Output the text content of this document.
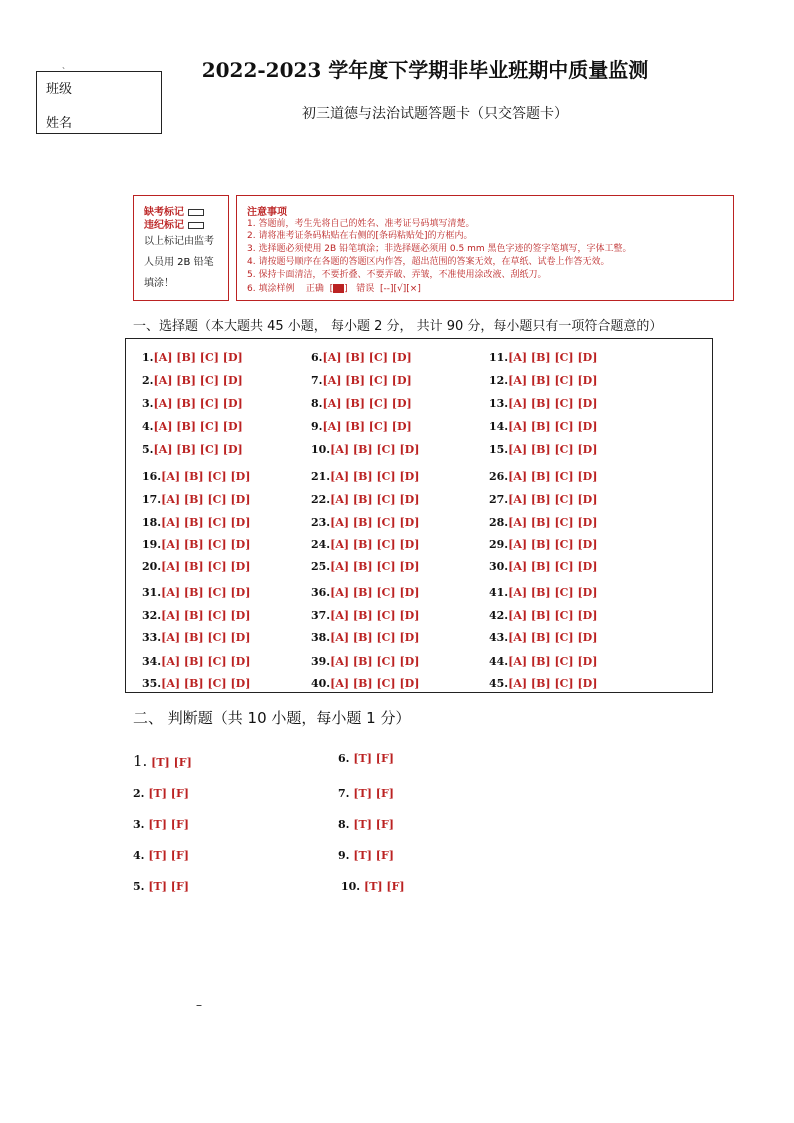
、
班级
姓名
2022-2023 学年度下学期非毕业班期中质量监测
初三道德与法治试题答题卡（只交答题卡）
缺考标记
违纪标记
以上标记由监考
人员用 2B 铅笔
填涂！
注意事项
1. 答题前，考生先将自己的姓名、准考证号码填写清楚。
2. 请将准考证条码粘贴在右侧的[条码粘贴处]的方框内。
3. 选择题必须使用 2B 铅笔填涂；非选择题必须用 0.5 mm 黑色字迹的签字笔填写，字体工整。
4. 请按题号顺序在各题的答题区内作答，超出范围的答案无效，在草纸、试卷上作答无效。
5. 保持卡面清洁，不要折叠、不要弄破、弄皱，不准使用涂改液、刮纸刀。
6. 填涂样例 正确  [ ]   错误 [--][√][×]
一、选择题（本大题共 45 小题， 每小题 2 分， 共计 90 分，每小题只有一项符合题意的）
1.[A] [B] [C] [D]
2.[A] [B] [C] [D]
3.[A] [B] [C] [D]
4.[A] [B] [C] [D]
5.[A] [B] [C] [D]
6.[A] [B] [C] [D]
7.[A] [B] [C] [D]
8.[A] [B] [C] [D]
9.[A] [B] [C] [D]
10.[A] [B] [C] [D]
11.[A] [B] [C] [D]
12.[A] [B] [C] [D]
13.[A] [B] [C] [D]
14.[A] [B] [C] [D]
15.[A] [B] [C] [D]
16.[A] [B] [C] [D]
17.[A] [B] [C] [D]
18.[A] [B] [C] [D]
19.[A] [B] [C] [D]
20.[A] [B] [C] [D]
21.[A] [B] [C] [D]
22.[A] [B] [C] [D]
23.[A] [B] [C] [D]
24.[A] [B] [C] [D]
25.[A] [B] [C] [D]
26.[A] [B] [C] [D]
27.[A] [B] [C] [D]
28.[A] [B] [C] [D]
29.[A] [B] [C] [D]
30.[A] [B] [C] [D]
31.[A] [B] [C] [D]
32.[A] [B] [C] [D]
33.[A] [B] [C] [D]
34.[A] [B] [C] [D]
35.[A] [B] [C] [D]
36.[A] [B] [C] [D]
37.[A] [B] [C] [D]
38.[A] [B] [C] [D]
39.[A] [B] [C] [D]
40.[A] [B] [C] [D]
41.[A] [B] [C] [D]
42.[A] [B] [C] [D]
43.[A] [B] [C] [D]
44.[A] [B] [C] [D]
45.[A] [B] [C] [D]
二、 判断题（共 10 小题，每小题 1 分）
1. [T] [F]
2. [T] [F]
3. [T] [F]
4. [T] [F]
5. [T] [F]
6. [T] [F]
7. [T] [F]
8. [T] [F]
9. [T] [F]
10. [T] [F]
–
